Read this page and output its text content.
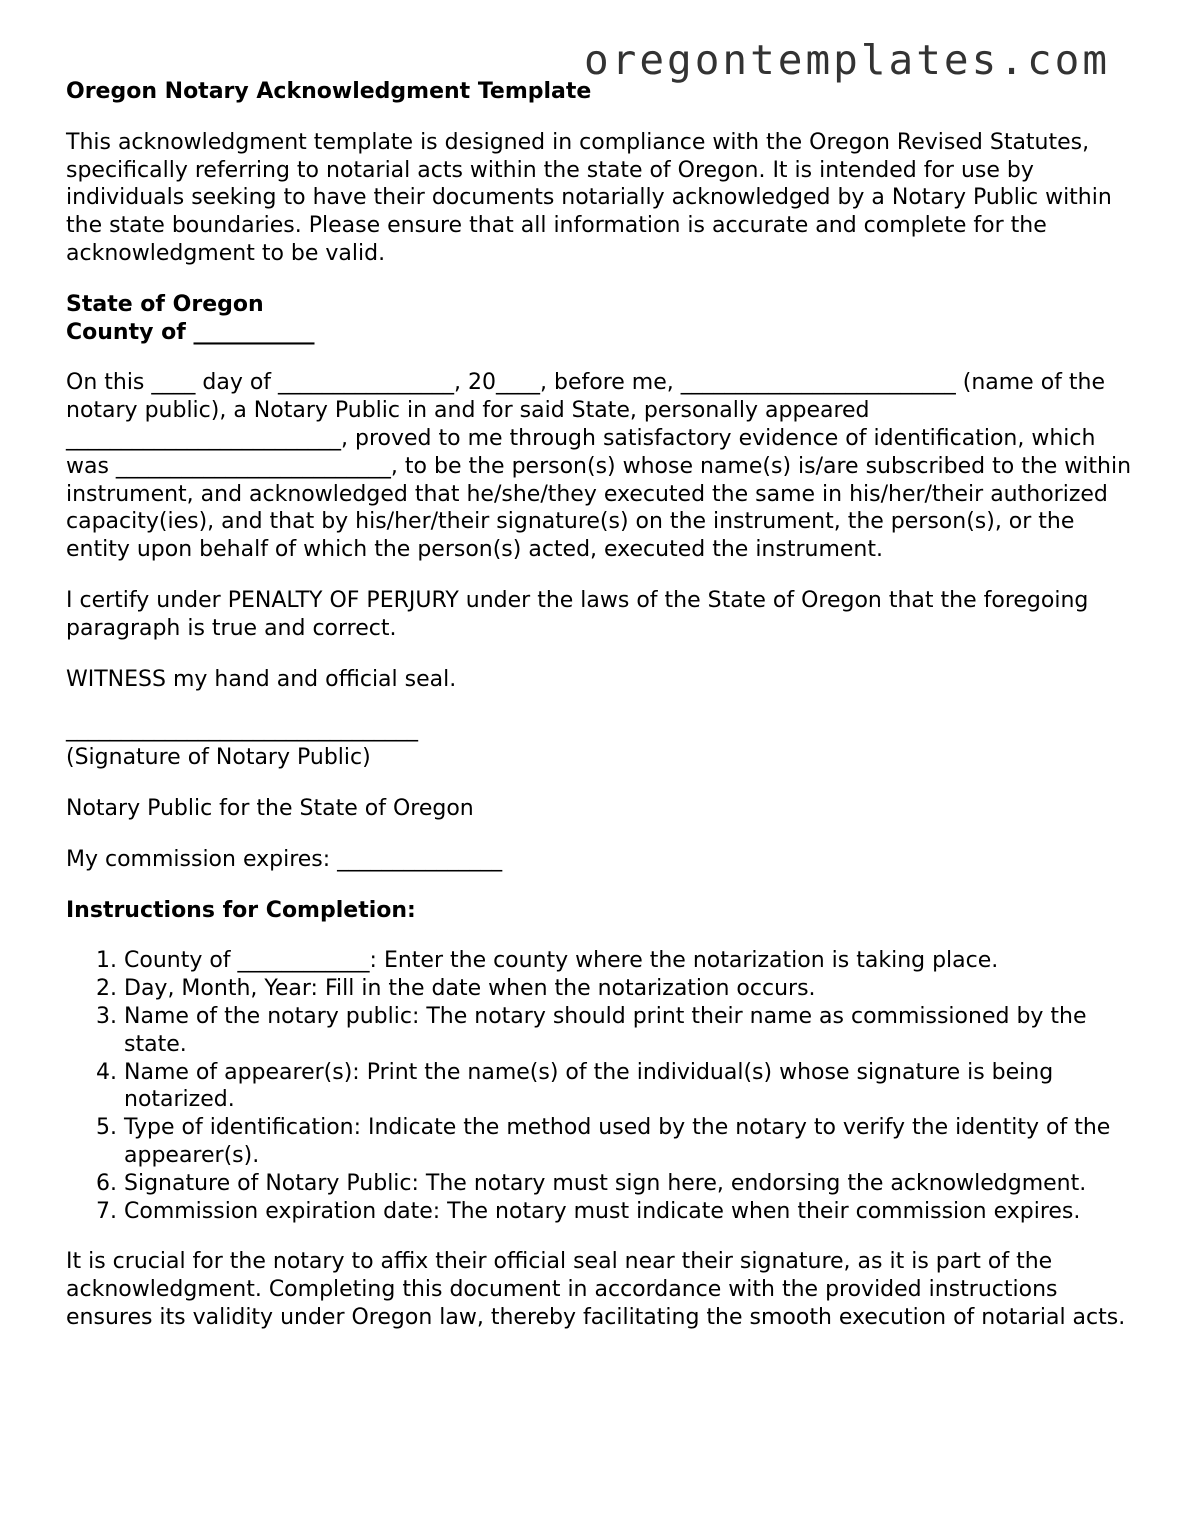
oregontemplates.com

Oregon Notary Acknowledgment Template

This acknowledgment template is designed in compliance with the Oregon Revised Statutes, specifically referring to notarial acts within the state of Oregon. It is intended for use by individuals seeking to have their documents notarially acknowledged by a Notary Public within the state boundaries. Please ensure that all information is accurate and complete for the acknowledgment to be valid.

State of Oregon
County of ___________

On this ____ day of ________________, 20____, before me, _________________________ (name of the notary public), a Notary Public in and for said State, personally appeared _________________________, proved to me through satisfactory evidence of identification, which was _________________________, to be the person(s) whose name(s) is/are subscribed to the within instrument, and acknowledged that he/she/they executed the same in his/her/their authorized capacity(ies), and that by his/her/their signature(s) on the instrument, the person(s), or the entity upon behalf of which the person(s) acted, executed the instrument.

I certify under PENALTY OF PERJURY under the laws of the State of Oregon that the foregoing paragraph is true and correct.

WITNESS my hand and official seal.

________________________________
(Signature of Notary Public)

Notary Public for the State of Oregon

My commission expires: _______________

Instructions for Completion:

1. County of ____________: Enter the county where the notarization is taking place.
2. Day, Month, Year: Fill in the date when the notarization occurs.
3. Name of the notary public: The notary should print their name as commissioned by the state.
4. Name of appearer(s): Print the name(s) of the individual(s) whose signature is being notarized.
5. Type of identification: Indicate the method used by the notary to verify the identity of the appearer(s).
6. Signature of Notary Public: The notary must sign here, endorsing the acknowledgment.
7. Commission expiration date: The notary must indicate when their commission expires.

It is crucial for the notary to affix their official seal near their signature, as it is part of the acknowledgment. Completing this document in accordance with the provided instructions ensures its validity under Oregon law, thereby facilitating the smooth execution of notarial acts.
